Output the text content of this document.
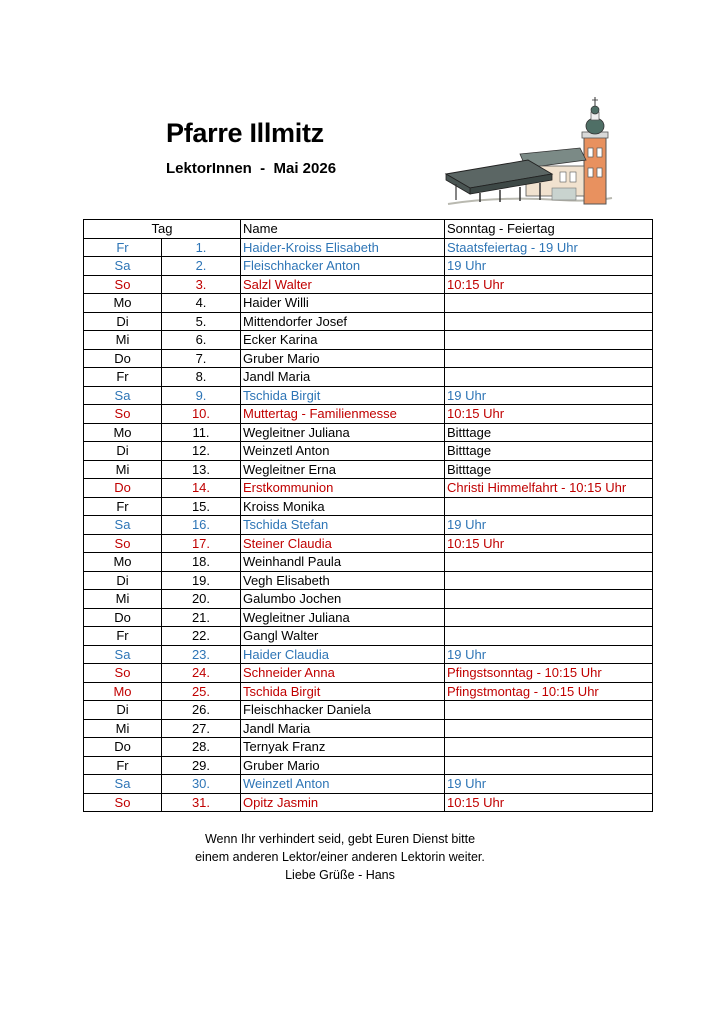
Pfarre Illmitz
LektorInnen  -  Mai 2026
Tag		Name	Sonntag - Feiertag
Fr	1.	Haider-Kroiss Elisabeth	Staatsfeiertag - 19 Uhr
Sa	2.	Fleischhacker Anton	19 Uhr
So	3.	Salzl Walter	10:15 Uhr
Mo	4.	Haider Willi	
Di	5.	Mittendorfer Josef	
Mi	6.	Ecker Karina	
Do	7.	Gruber Mario	
Fr	8.	Jandl Maria	
Sa	9.	Tschida Birgit	19 Uhr
So	10.	Muttertag - Familienmesse	10:15 Uhr
Mo	11.	Wegleitner Juliana	Bitttage
Di	12.	Weinzetl Anton	Bitttage
Mi	13.	Wegleitner Erna	Bitttage
Do	14.	Erstkommunion	Christi Himmelfahrt - 10:15 Uhr
Fr	15.	Kroiss Monika	
Sa	16.	Tschida Stefan	19 Uhr
So	17.	Steiner Claudia	10:15 Uhr
Mo	18.	Weinhandl Paula	
Di	19.	Vegh Elisabeth	
Mi	20.	Galumbo Jochen	
Do	21.	Wegleitner Juliana	
Fr	22.	Gangl Walter	
Sa	23.	Haider Claudia	19 Uhr
So	24.	Schneider Anna	Pfingstsonntag - 10:15 Uhr
Mo	25.	Tschida Birgit	Pfingstmontag - 10:15 Uhr
Di	26.	Fleischhacker Daniela	
Mi	27.	Jandl Maria	
Do	28.	Ternyak Franz	
Fr	29.	Gruber Mario	
Sa	30.	Weinzetl Anton	19 Uhr
So	31.	Opitz Jasmin	10:15 Uhr
Wenn Ihr verhindert seid, gebt Euren Dienst bitte
einem anderen Lektor/einer anderen Lektorin weiter.
Liebe Grüße - Hans
